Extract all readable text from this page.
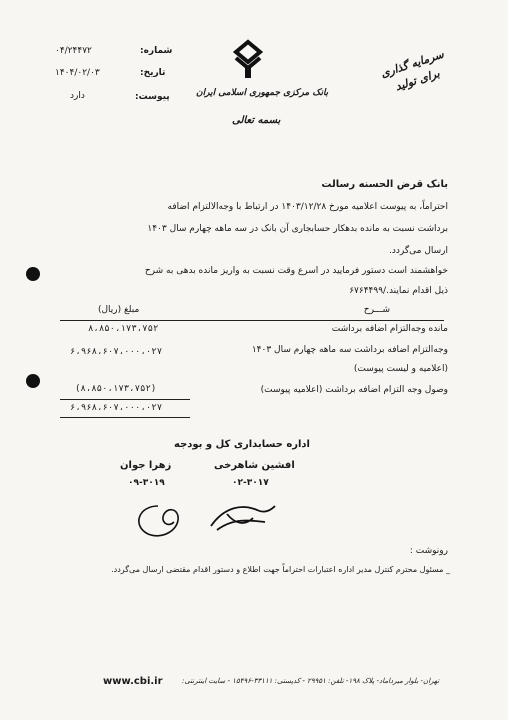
شماره:
۰۴/۲۴۴۷۲
تاریخ:
۱۴۰۴/۰۲/۰۳
پیوست:
دارد	بانک مرکزی جمهوری اسلامی ایران
بسمه تعالی
سرمایه گذاری برای تولید
بانک قرض الحسنه رسالت
احتراماً، به پیوست اعلامیه مورخ ۱۴۰۳/۱۲/۲۸ در ارتباط با وجه‌الالتزام اضافه
برداشت نسبت به مانده بدهکار حسابجاری آن بانک در سه ماهه چهارم سال ۱۴۰۳
ارسال می‌گردد.
خواهشمند است دستور فرمایید در اسرع وقت نسبت به واریز مانده بدهی به شرح
ذیل اقدام نمایند./۶۷۶۴۴۹۹
شـــرح
مبلغ (ریال)
مانده وجه‌التزام اضافه برداشت
۸،۸۵۰،۱۷۳،۷۵۲
وجه‌التزام اضافه برداشت سه ماهه چهارم سال ۱۴۰۳
۶،۹۶۸،۶۰۷،۰۰۰،۰۲۷
(اعلامیه و لیست پیوست)
وصول وجه التزام اضافه برداشت (اعلامیه پیوست)
(۸،۸۵۰،۱۷۳،۷۵۲)
۶،۹۶۸،۶۰۷،۰۰۰،۰۲۷
اداره حسابداری کل و بودجه
افشین شاهرخی
۰۲-۳۰۱۷
زهرا جوان
۰۹-۳۰۱۹
رونوشت :
_ مسئول محترم کنترل مدیر اداره اعتبارات احتراماً جهت اطلاع و دستور اقدام مقتضی ارسال می‌گردد.
www.cbi.ir	تهران- بلوار میرداماد- پلاک ۱۹۸- تلفن: ۲۹۹۵۱ - کدپستی: ۳۳۱۱۱-۱۵۴۹۶ - سایت اینترنتی:
